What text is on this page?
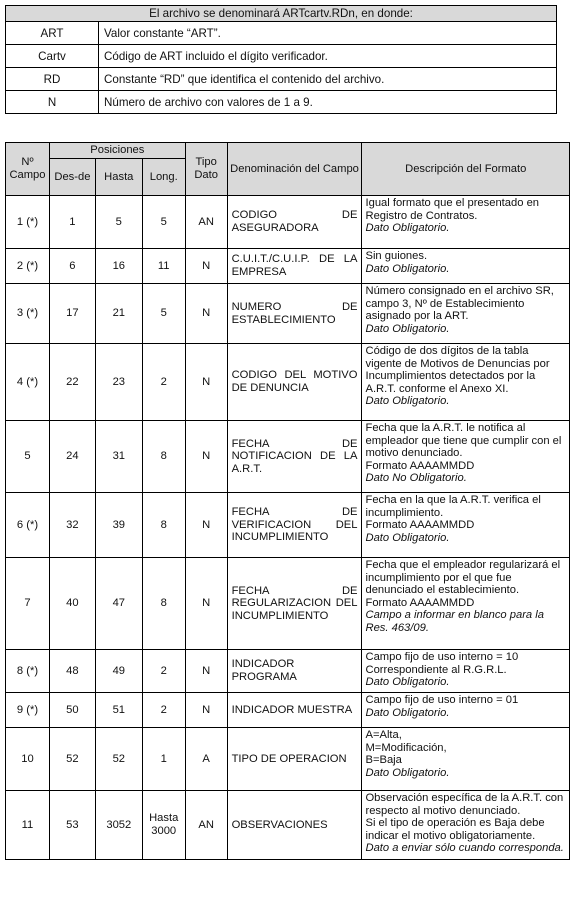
El archivo se denominará ARTcartv.RDn, en donde:	
ART	Valor constante “ART”.
Cartv	Código de ART incluido el dígito verificador.
RD	Constante “RD” que identifica el contenido del archivo.
N	Número de archivo con valores de 1 a 9.
Nº Campo	Posiciones			Tipo Dato	Denominación del Campo	Descripción del Formato
	Des-de	Hasta	Long.			
1 (*)	1	5	5	AN	CODIGO DE ASEGURADORA	Igual formato que el presentado en Registro de Contratos.
Dato Obligatorio.

2 (*)	6	16	11	N	C.U.I.T./C.U.I.P. DE LA EMPRESA	Sin guiones.
Dato Obligatorio.

3 (*)	17	21	5	N	NUMERO DE ESTABLECIMIENTO	Número consignado en el archivo SR, campo 3, Nº de Establecimiento asignado por la ART.
Dato Obligatorio.

4 (*)	22	23	2	N	CODIGO DEL MOTIVO DE DENUNCIA	Código de dos dígitos de la tabla vigente de Motivos de Denuncias por Incumplimientos detectados por la A.R.T. conforme el Anexo XI.
Dato Obligatorio.

5	24	31	8	N	FECHA DE NOTIFICACION DE LA A.R.T.	Fecha que la A.R.T. le notifica al empleador que tiene que cumplir con el motivo denunciado.
Formato AAAAMMDD
Dato No Obligatorio.

6 (*)	32	39	8	N	FECHA DE VERIFICACION DEL INCUMPLIMIENTO	Fecha en la que la A.R.T. verifica el incumplimiento.
Formato AAAAMMDD
Dato Obligatorio.

7	40	47	8	N	FECHA DE REGULARIZACION DEL INCUMPLIMIENTO	Fecha que el empleador regularizará el incumplimiento por el que fue denunciado el establecimiento.
Formato AAAAMMDD
Campo a informar en blanco para la Res. 463/09.

8 (*)	48	49	2	N	INDICADOR PROGRAMA	Campo fijo de uso interno = 10
Correspondiente al R.G.R.L.
Dato Obligatorio.

9 (*)	50	51	2	N	INDICADOR MUESTRA	Campo fijo de uso interno = 01
Dato Obligatorio.

10	52	52	1	A	TIPO DE OPERACION	A=Alta,
M=Modificación,
B=Baja
Dato Obligatorio.

11	53	3052	Hasta 3000	AN	OBSERVACIONES	Observación específica de la A.R.T. con respecto al motivo denunciado.
Si el tipo de operación es Baja debe indicar el motivo obligatoriamente.
Dato a enviar sólo cuando corresponda.
